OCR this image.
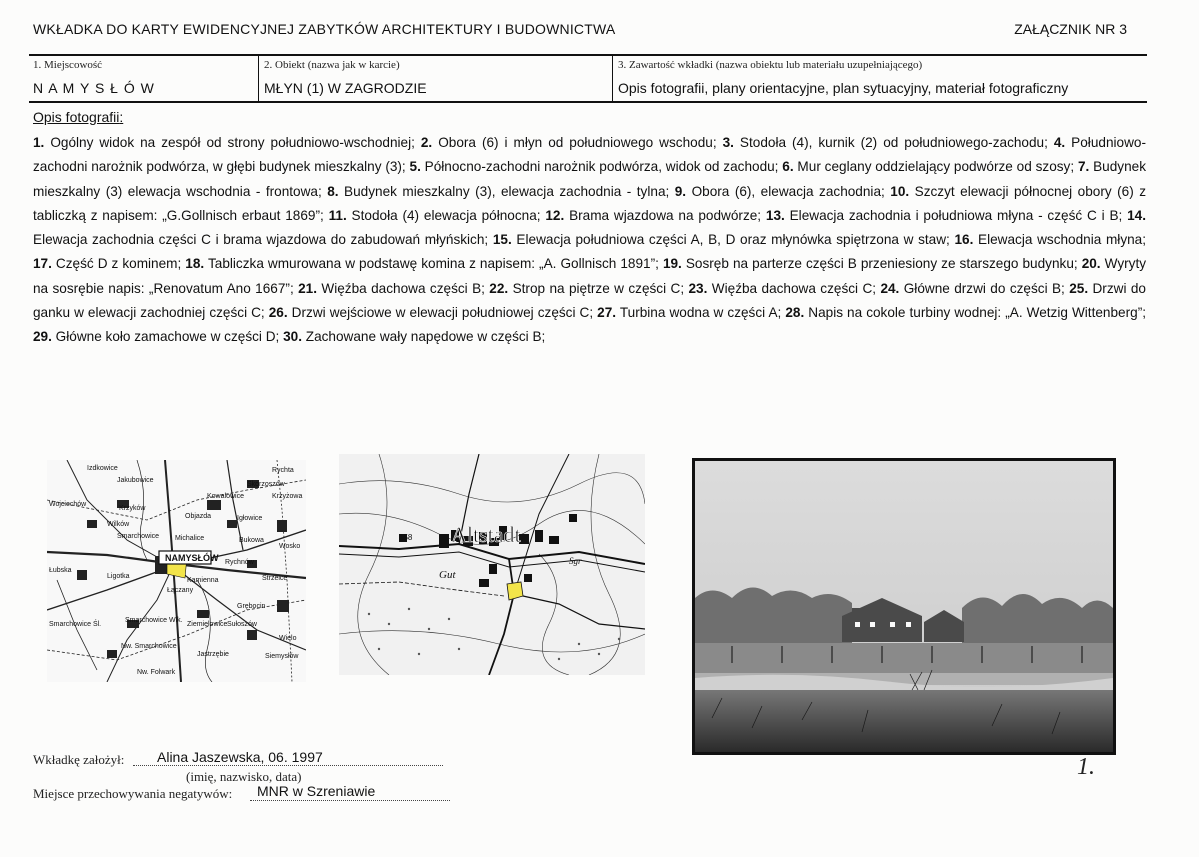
WKŁADKA DO KARTY EWIDENCYJNEJ ZABYTKÓW ARCHITEKTURY I BUDOWNICTWA	ZAŁĄCZNIK NR 3
1. Miejscowość
N A M Y S Ł Ó W
2. Obiekt (nazwa jak w karcie)
MŁYN (1) W ZAGRODZIE
3. Zawartość wkładki (nazwa obiektu lub materiału uzupełniającego)
Opis fotografii, plany orientacyjne, plan sytuacyjny, materiał fotograficzny
Opis fotografii:
1. Ogólny widok na zespół od strony południowo-wschodniej; 2. Obora (6) i młyn od południowego wschodu; 3. Stodoła (4), kurnik (2) od południowego-zachodu; 4. Południowo-zachodni narożnik podwórza, w głębi budynek mieszkalny (3); 5. Północno-zachodni narożnik podwórza, widok od zachodu; 6. Mur ceglany oddzielający podwórze od szosy; 7. Budynek mieszkalny (3) elewacja wschodnia - frontowa; 8. Budynek mieszkalny (3), elewacja zachodnia - tylna; 9. Obora (6), elewacja zachodnia; 10. Szczyt elewacji północnej obory (6) z tabliczką z napisem: „G.Gollnisch erbaut 1869”; 11. Stodoła (4) elewacja północna; 12. Brama wjazdowa na podwórze; 13. Elewacja zachodnia i południowa młyna - część C i B; 14. Elewacja zachodnia części C i brama wjazdowa do zabudowań młyńskich; 15. Elewacja południowa części A, B, D oraz młynówka spiętrzona w staw; 16. Elewacja wschodnia młyna; 17. Część D z kominem; 18. Tabliczka wmurowana w podstawę komina z napisem: „A. Gollnisch 1891”; 19. Sosręb na parterze części B przeniesiony ze starszego budynku; 20. Wyryty na sosrębie napis: „Renovatum Ano 1667”; 21. Więźba dachowa części B; 22. Strop na piętrze w części C; 23. Więźba dachowa części C; 24. Główne drzwi do części B; 25. Drzwi do ganku w elewacji zachodniej części C; 26. Drzwi wejściowe w elewacji południowej części C; 27. Turbina wodna w części A; 28. Napis na cokole turbiny wodnej: „A. Wetzig Wittenberg”; 29. Główne koło zamachowe w części D; 30. Zachowane wały napędowe w części B;
Izdkowice
Jakubowice
Rychta
Skorzoszów
Krzyżowa
Kowalowice
Wojciechów
Krzyków
Objazda	Igłowice
Wilków
Smarchowice Michalice	Bukowa
Wosko
NAMYSŁÓW Rychnów
Łubska
Ligotka
Kamienna	Strzelce
Łączany
Smarchowice Śl.
Grębocin
Smarchowice Wlk.
Ziemielowice Sułoszów
Wielo
Nw. Smarchowice
Jastrzębie	Siemysłów
Nw. Folwark
Altstadt
Gut
158
Sgr
Wkładkę założył: Alina Jaszewska, 06. 1997
(imię, nazwisko, data)
Miejsce przechowywania negatywów: MNR w Szreniawie
1.
